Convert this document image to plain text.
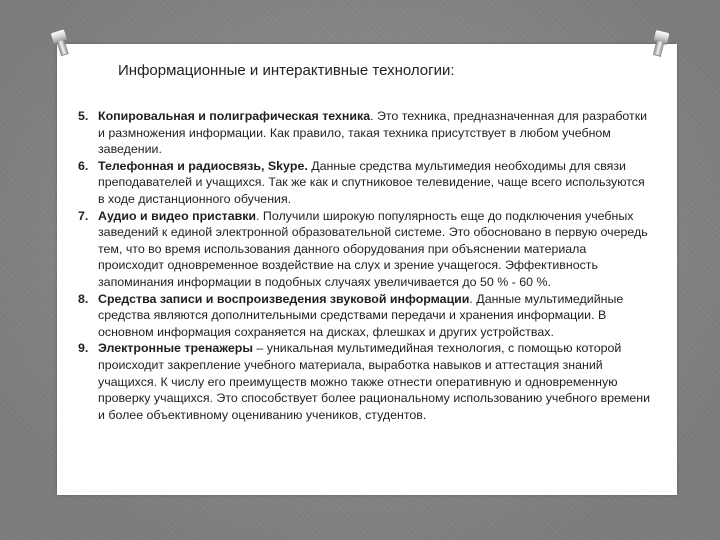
Информационные и интерактивные технологии:

5. Копировальная и полиграфическая техника. Это техника, предназначенная для разработки и размножения информации. Как правило, такая техника присутствует в любом учебном заведении.

6. Телефонная и радиосвязь, Skype. Данные средства мультимедия необходимы для связи преподавателей и учащихся. Так же как и спутниковое телевидение, чаще всего используются в ходе дистанционного обучения.

7. Аудио и видео приставки. Получили широкую популярность еще до подключения учебных заведений к единой электронной образовательной системе. Это обосновано в первую очередь тем, что во время использования данного оборудования при объяснении материала происходит одновременное воздействие на слух и зрение учащегося. Эффективность запоминания информации в подобных случаях увеличивается до 50 % - 60 %.

8. Средства записи и воспроизведения звуковой информации. Данные мультимедийные средства являются дополнительными средствами передачи и хранения информации. В основном информация сохраняется на дисках, флешках и других устройствах.

9. Электронные тренажеры – уникальная мультимедийная технология, с помощью которой происходит закрепление учебного материала, выработка навыков и аттестация знаний учащихся. К числу его преимуществ можно также отнести оперативную и одновременную проверку учащихся. Это способствует более рациональному использованию учебного времени и более объективному оцениванию учеников, студентов.
